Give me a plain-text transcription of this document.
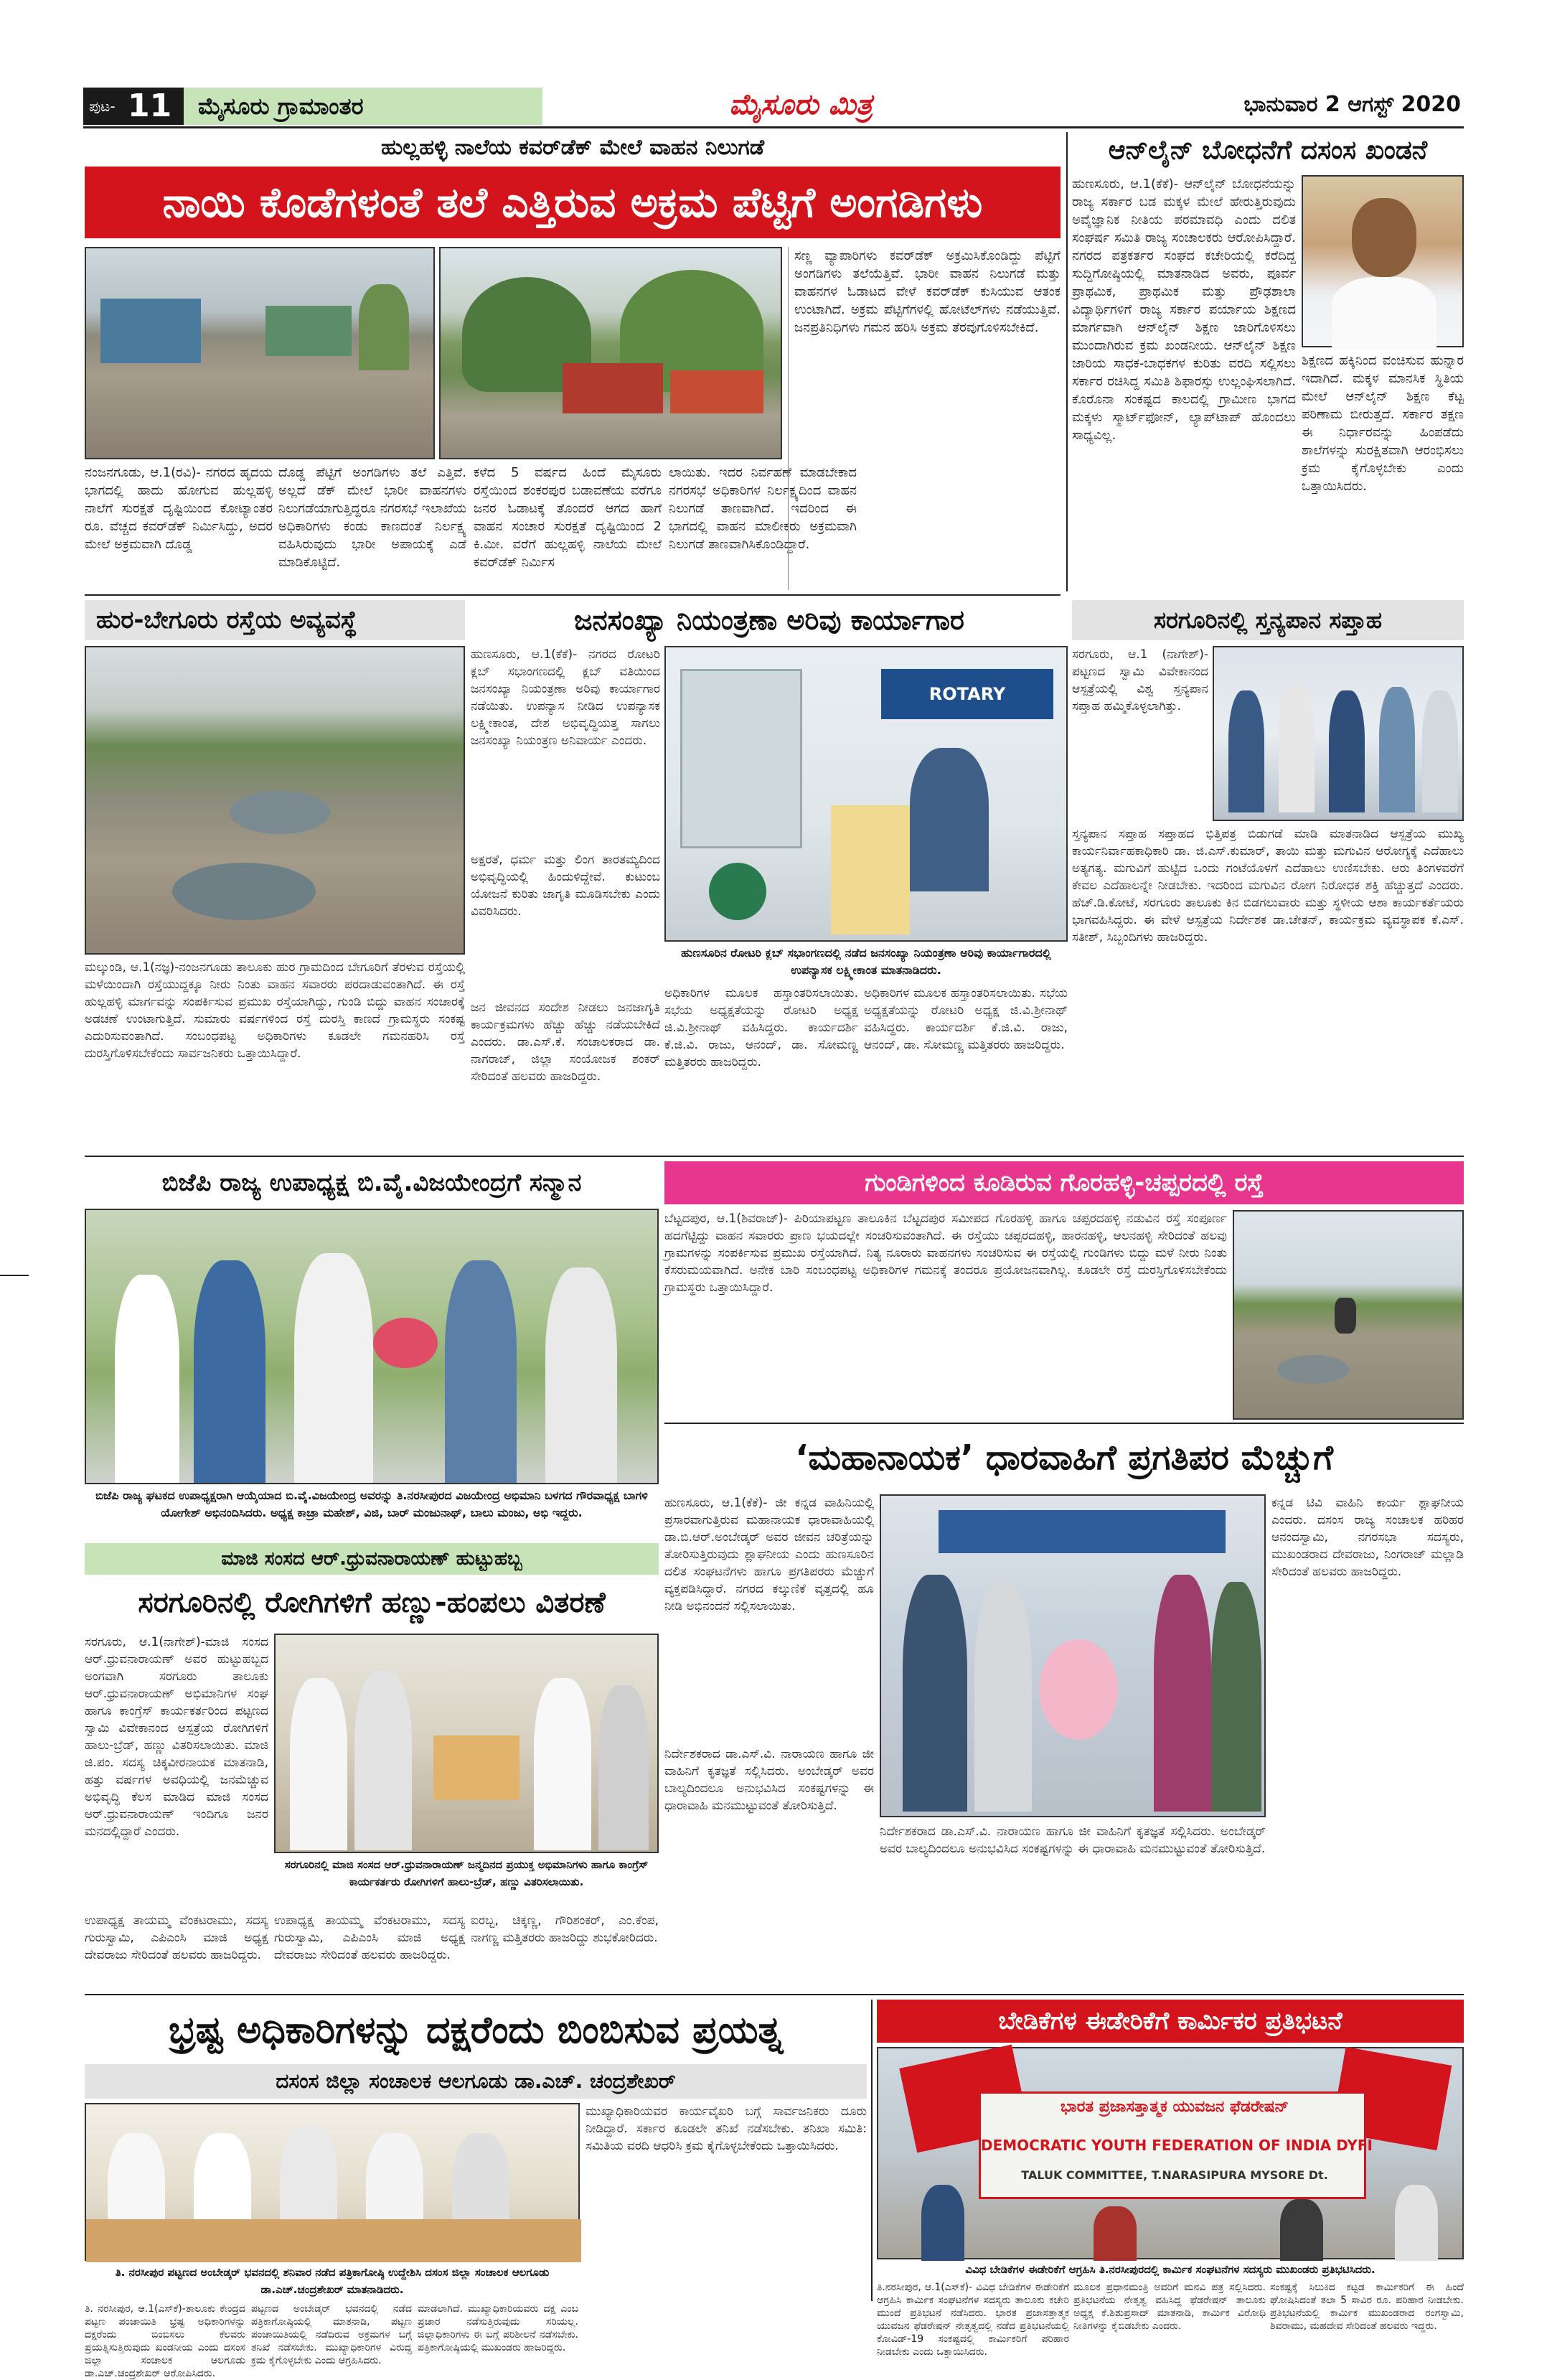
ಪುಟ- 11 ಮೈಸೂರು ಗ್ರಾಮಾಂತರ	ಮೈಸೂರು ಮಿತ್ರ	ಭಾನುವಾರ 2 ಆಗಸ್ಟ್ 2020
ಹುಲ್ಲಹಳ್ಳಿ ನಾಲೆಯ ಕವರ್‌ಡೆಕ್ ಮೇಲೆ ವಾಹನ ನಿಲುಗಡೆ
ನಾಯಿ ಕೊಡೆಗಳಂತೆ ತಲೆ ಎತ್ತಿರುವ ಅಕ್ರಮ ಪೆಟ್ಟಿಗೆ ಅಂಗಡಿಗಳು
ನಂಜನಗೂಡು, ಆ.1(ರವಿ)- ನಗರದ ಹೃದಯ ಭಾಗದಲ್ಲಿ ಹಾದು ಹೋಗುವ ಹುಲ್ಲಹಳ್ಳಿ ನಾಲೆಗೆ ಸುರಕ್ಷತೆ ದೃಷ್ಟಿಯಿಂದ ಕೋಟ್ಯಾಂತರ ರೂ. ವೆಚ್ಚದ ಕವರ್‌ಡೆಕ್ ನಿರ್ಮಿಸಿದ್ದು, ಅದರ ಮೇಲೆ ಅಕ್ರಮವಾಗಿ ದೊಡ್ಡ
ದೊಡ್ಡ ಪೆಟ್ಟಿಗೆ ಅಂಗಡಿಗಳು ತಲೆ ಎತ್ತಿವೆ. ಅಲ್ಲದೆ ಡೆಕ್ ಮೇಲೆ ಭಾರೀ ವಾಹನಗಳು ನಿಲುಗಡೆಯಾಗುತ್ತಿದ್ದರೂ ನಗರಸಭೆ ಇಲಾಖೆಯ ಅಧಿಕಾರಿಗಳು ಕಂಡು ಕಾಣದಂತೆ ನಿರ್ಲಕ್ಷ್ಯ ವಹಿಸಿರುವುದು ಭಾರೀ ಅಪಾಯಕ್ಕೆ ಎಡೆ ಮಾಡಿಕೊಟ್ಟಿದೆ.
ಕಳೆದ 5 ವರ್ಷದ ಹಿಂದೆ ಮೈಸೂರು ರಸ್ತೆಯಿಂದ ಶಂಕರಪುರ ಬಡಾವಣೆಯ ವರೆಗೂ ಜನರ ಓಡಾಟಕ್ಕೆ ತೊಂದರೆ ಆಗದ ಹಾಗೆ ವಾಹನ ಸಂಚಾರ ಸುರಕ್ಷತೆ ದೃಷ್ಟಿಯಿಂದ 2 ಕಿ.ಮೀ. ವರೆಗೆ ಹುಲ್ಲಹಳ್ಳಿ ನಾಲೆಯ ಮೇಲೆ ಕವರ್‌ಡೆಕ್ ನಿರ್ಮಿಸ
ಲಾಯಿತು. ಇದರ ನಿರ್ವಹಣೆ ಮಾಡಬೇಕಾದ ನಗರಸಭೆ ಅಧಿಕಾರಿಗಳ ನಿರ್ಲಕ್ಷ್ಯದಿಂದ ವಾಹನ ನಿಲುಗಡೆ ತಾಣವಾಗಿದೆ. ಇದರಿಂದ ಈ ಭಾಗದಲ್ಲಿ ವಾಹನ ಮಾಲೀಕರು ಅಕ್ರಮವಾಗಿ ನಿಲುಗಡೆ ತಾಣವಾಗಿಸಿಕೊಂಡಿದ್ದಾರೆ.
ಸಣ್ಣ ವ್ಯಾಪಾರಿಗಳು ಕವರ್‌ಡೆಕ್ ಅಕ್ರಮಿಸಿಕೊಂಡಿದ್ದು ಪೆಟ್ಟಿಗೆ ಅಂಗಡಿಗಳು ತಲೆಯೆತ್ತಿವೆ. ಭಾರೀ ವಾಹನ ನಿಲುಗಡೆ ಮತ್ತು ವಾಹನಗಳ ಓಡಾಟದ ವೇಳೆ ಕವರ್‌ಡೆಕ್ ಕುಸಿಯುವ ಆತಂಕ ಉಂಟಾಗಿದೆ. ಅಕ್ರಮ ಪೆಟ್ಟಿಗೆಗಳಲ್ಲಿ ಹೋಟೆಲ್‌ಗಳು ನಡೆಯುತ್ತಿವೆ. ಜನಪ್ರತಿನಿಧಿಗಳು ಗಮನ ಹರಿಸಿ ಅಕ್ರಮ ತೆರವುಗೊಳಿಸಬೇಕಿದೆ.
ಆನ್‌ಲೈನ್ ಬೋಧನೆಗೆ ದಸಂಸ ಖಂಡನೆ
ಹುಣಸೂರು, ಆ.1(ಕೆಕೆ)- ಆನ್‌ಲೈನ್ ಬೋಧನೆಯನ್ನು ರಾಜ್ಯ ಸರ್ಕಾರ ಬಡ ಮಕ್ಕಳ ಮೇಲೆ ಹೇರುತ್ತಿರುವುದು ಅವೈಜ್ಞಾನಿಕ ನೀತಿಯ ಪರಮಾವಧಿ ಎಂದು ದಲಿತ ಸಂಘರ್ಷ ಸಮಿತಿ ರಾಜ್ಯ ಸಂಚಾಲಕರು ಆರೋಪಿಸಿದ್ದಾರೆ. ನಗರದ ಪತ್ರಕರ್ತರ ಸಂಘದ ಕಚೇರಿಯಲ್ಲಿ ಕರೆದಿದ್ದ ಸುದ್ದಿಗೋಷ್ಠಿಯಲ್ಲಿ ಮಾತನಾಡಿದ ಅವರು, ಪೂರ್ವ ಪ್ರಾಥಮಿಕ, ಪ್ರಾಥಮಿಕ ಮತ್ತು ಪ್ರೌಢಶಾಲಾ ವಿದ್ಯಾರ್ಥಿಗಳಿಗೆ ರಾಜ್ಯ ಸರ್ಕಾರ ಪರ್ಯಾಯ ಶಿಕ್ಷಣದ ಮಾರ್ಗವಾಗಿ ಆನ್‌ಲೈನ್ ಶಿಕ್ಷಣ ಜಾರಿಗೊಳಿಸಲು ಮುಂದಾಗಿರುವ ಕ್ರಮ ಖಂಡನೀಯ. ಆನ್‌ಲೈನ್ ಶಿಕ್ಷಣ ಜಾರಿಯ ಸಾಧಕ-ಬಾಧಕಗಳ ಕುರಿತು ವರದಿ ಸಲ್ಲಿಸಲು ಸರ್ಕಾರ ರಚಿಸಿದ್ದ ಸಮಿತಿ ಶಿಫಾರಸ್ಸು ಉಲ್ಲಂಘಿಸಲಾಗಿದೆ. ಕೊರೊನಾ ಸಂಕಷ್ಟದ ಕಾಲದಲ್ಲಿ ಗ್ರಾಮೀಣ ಭಾಗದ ಮಕ್ಕಳು ಸ್ಮಾರ್ಟ್‌ಫೋನ್, ಲ್ಯಾಪ್‌ಟಾಪ್ ಹೊಂದಲು ಸಾಧ್ಯವಿಲ್ಲ.
ಶಿಕ್ಷಣದ ಹಕ್ಕಿನಿಂದ ವಂಚಿಸುವ ಹುನ್ನಾರ ಇದಾಗಿದೆ. ಮಕ್ಕಳ ಮಾನಸಿಕ ಸ್ಥಿತಿಯ ಮೇಲೆ ಆನ್‌ಲೈನ್ ಶಿಕ್ಷಣ ಕೆಟ್ಟ ಪರಿಣಾಮ ಬೀರುತ್ತದೆ. ಸರ್ಕಾರ ತಕ್ಷಣ ಈ ನಿರ್ಧಾರವನ್ನು ಹಿಂಪಡೆದು ಶಾಲೆಗಳನ್ನು ಸುರಕ್ಷಿತವಾಗಿ ಆರಂಭಿಸಲು ಕ್ರಮ ಕೈಗೊಳ್ಳಬೇಕು ಎಂದು ಒತ್ತಾಯಿಸಿದರು.
ಹುರ-ಬೇಗೂರು ರಸ್ತೆಯ ಅವ್ಯವಸ್ಥೆ
ಮಲ್ಕುಂಡಿ, ಆ.1(ನಜ್ಞ)-ನಂಜನಗೂಡು ತಾಲೂಕು ಹುರ ಗ್ರಾಮದಿಂದ ಬೇಗೂರಿಗೆ ತೆರಳುವ ರಸ್ತೆಯಲ್ಲಿ ಮಳೆಯಿಂದಾಗಿ ರಸ್ತೆಯುದ್ದಕ್ಕೂ ನೀರು ನಿಂತು ವಾಹನ ಸವಾರರು ಪರದಾಡುವಂತಾಗಿದೆ. ಈ ರಸ್ತೆ ಹುಲ್ಲಹಳ್ಳಿ ಮಾರ್ಗವನ್ನು ಸಂಪರ್ಕಿಸುವ ಪ್ರಮುಖ ರಸ್ತೆಯಾಗಿದ್ದು, ಗುಂಡಿ ಬಿದ್ದು ವಾಹನ ಸಂಚಾರಕ್ಕೆ ಅಡಚಣೆ ಉಂಟಾಗುತ್ತಿದೆ. ಸುಮಾರು ವರ್ಷಗಳಿಂದ ರಸ್ತೆ ದುರಸ್ತಿ ಕಾಣದೆ ಗ್ರಾಮಸ್ಥರು ಸಂಕಷ್ಟ ಎದುರಿಸುವಂತಾಗಿದೆ. ಸಂಬಂಧಪಟ್ಟ ಅಧಿಕಾರಿಗಳು ಕೂಡಲೇ ಗಮನಹರಿಸಿ ರಸ್ತೆ ದುರಸ್ತಿಗೊಳಿಸಬೇಕೆಂದು ಸಾರ್ವಜನಿಕರು ಒತ್ತಾಯಿಸಿದ್ದಾರೆ.
ಜನಸಂಖ್ಯಾ ನಿಯಂತ್ರಣಾ ಅರಿವು ಕಾರ್ಯಾಗಾರ
ಹುಣಸೂರು, ಆ.1(ಕೆಕೆ)- ನಗರದ ರೋಟರಿ ಕ್ಲಬ್ ಸಭಾಂಗಣದಲ್ಲಿ ಕ್ಲಬ್ ವತಿಯಿಂದ ಜನಸಂಖ್ಯಾ ನಿಯಂತ್ರಣಾ ಅರಿವು ಕಾರ್ಯಾಗಾರ ನಡೆಯಿತು. ಉಪನ್ಯಾಸ ನೀಡಿದ ಉಪನ್ಯಾಸಕ ಲಕ್ಷ್ಮೀಕಾಂತ, ದೇಶ ಅಭಿವೃದ್ಧಿಯತ್ತ ಸಾಗಲು ಜನಸಂಖ್ಯಾ ನಿಯಂತ್ರಣ ಅನಿವಾರ್ಯ ಎಂದರು.
ROTARY
ಅಕ್ಷರತೆ, ಧರ್ಮ ಮತ್ತು ಲಿಂಗ ತಾರತಮ್ಯದಿಂದ ಅಭಿವೃದ್ಧಿಯಲ್ಲಿ ಹಿಂದುಳಿದ್ದೇವೆ. ಕುಟುಂಬ ಯೋಜನೆ ಕುರಿತು ಜಾಗೃತಿ ಮೂಡಿಸಬೇಕು ಎಂದು ವಿವರಿಸಿದರು.
ಹುಣಸೂರಿನ ರೋಟರಿ ಕ್ಲಬ್ ಸಭಾಂಗಣದಲ್ಲಿ ನಡೆದ ಜನಸಂಖ್ಯಾ ನಿಯಂತ್ರಣಾ ಅರಿವು ಕಾರ್ಯಾಗಾರದಲ್ಲಿ ಉಪನ್ಯಾಸಕ ಲಕ್ಷ್ಮೀಕಾಂತ ಮಾತನಾಡಿದರು.
ಜನ ಜೀವನದ ಸಂದೇಶ ನೀಡಲು ಜನಜಾಗೃತಿ ಕಾರ್ಯಕ್ರಮಗಳು ಹೆಚ್ಚು ಹೆಚ್ಚು ನಡೆಯಬೇಕಿದೆ ಎಂದರು. ಡಾ.ಎಸ್.ಕೆ. ಸಂಚಾಲಕರಾದ ಡಾ. ನಾಗರಾಜ್, ಜಿಲ್ಲಾ ಸಂಯೋಜಕ ಶಂಕರ್ ಸೇರಿದಂತೆ ಹಲವರು ಹಾಜರಿದ್ದರು.
ಅಧಿಕಾರಿಗಳ ಮೂಲಕ ಹಸ್ತಾಂತರಿಸಲಾಯಿತು. ಸಭೆಯ ಅಧ್ಯಕ್ಷತೆಯನ್ನು ರೋಟರಿ ಅಧ್ಯಕ್ಷ ಜಿ.ವಿ.ಶ್ರೀನಾಥ್ ವಹಿಸಿದ್ದರು. ಕಾರ್ಯದರ್ಶಿ ಕೆ.ಜಿ.ವಿ. ರಾಜು, ಆನಂದ್, ಡಾ. ಸೋಮಣ್ಣ ಮತ್ತಿತರರು ಹಾಜರಿದ್ದರು.
ಅಧಿಕಾರಿಗಳ ಮೂಲಕ ಹಸ್ತಾಂತರಿಸಲಾಯಿತು. ಸಭೆಯ ಅಧ್ಯಕ್ಷತೆಯನ್ನು ರೋಟರಿ ಅಧ್ಯಕ್ಷ ಜಿ.ವಿ.ಶ್ರೀನಾಥ್ ವಹಿಸಿದ್ದರು. ಕಾರ್ಯದರ್ಶಿ ಕೆ.ಜಿ.ವಿ. ರಾಜು, ಆನಂದ್, ಡಾ. ಸೋಮಣ್ಣ ಮತ್ತಿತರರು ಹಾಜರಿದ್ದರು.
ಸರಗೂರಿನಲ್ಲಿ ಸ್ತನ್ಯಪಾನ ಸಪ್ತಾಹ
ಸರಗೂರು, ಆ.1 (ನಾಗೇಶ್)- ಪಟ್ಟಣದ ಸ್ವಾಮಿ ವಿವೇಕಾನಂದ ಆಸ್ಪತ್ರೆಯಲ್ಲಿ ವಿಶ್ವ ಸ್ತನ್ಯಪಾನ ಸಪ್ತಾಹ ಹಮ್ಮಿಕೊಳ್ಳಲಾಗಿತ್ತು.
ಸ್ತನ್ಯಪಾನ ಸಪ್ತಾಹ ಸಪ್ತಾಹದ ಭಿತ್ತಿಪತ್ರ ಬಿಡುಗಡೆ ಮಾಡಿ ಮಾತನಾಡಿದ ಆಸ್ಪತ್ರೆಯ ಮುಖ್ಯ ಕಾರ್ಯನಿರ್ವಾಹಕಾಧಿಕಾರಿ ಡಾ. ಜಿ.ಎಸ್.ಕುಮಾರ್, ತಾಯಿ ಮತ್ತು ಮಗುವಿನ ಆರೋಗ್ಯಕ್ಕೆ ಎದೆಹಾಲು ಅತ್ಯಗತ್ಯ. ಮಗುವಿಗೆ ಹುಟ್ಟಿದ ಒಂದು ಗಂಟೆಯೊಳಗೆ ಎದೆಹಾಲು ಉಣಿಸಬೇಕು. ಆರು ತಿಂಗಳವರೆಗೆ ಕೇವಲ ಎದೆಹಾಲನ್ನೇ ನೀಡಬೇಕು. ಇದರಿಂದ ಮಗುವಿನ ರೋಗ ನಿರೋಧಕ ಶಕ್ತಿ ಹೆಚ್ಚುತ್ತದೆ ಎಂದರು. ಹೆಚ್.ಡಿ.ಕೋಟೆ, ಸರಗೂರು ತಾಲೂಕು ಕಿನ ಬಿಡಗಲುವಾರು ಮತ್ತು ಸ್ಥಳೀಯ ಆಶಾ ಕಾರ್ಯಕರ್ತೆಯರು ಭಾಗವಹಿಸಿದ್ದರು. ಈ ವೇಳೆ ಆಸ್ಪತ್ರೆಯ ನಿರ್ದೇಶಕ ಡಾ.ಚೇತನ್, ಕಾರ್ಯಕ್ರಮ ವ್ಯವಸ್ಥಾಪಕ ಕೆ.ಎಸ್. ಸತೀಶ್, ಸಿಬ್ಬಂದಿಗಳು ಹಾಜರಿದ್ದರು.
ಬಿಜೆಪಿ ರಾಜ್ಯ ಉಪಾಧ್ಯಕ್ಷ ಬಿ.ವೈ.ವಿಜಯೇಂದ್ರಗೆ ಸನ್ಮಾನ
ಬಿಜೆಪಿ ರಾಜ್ಯ ಘಟಕದ ಉಪಾಧ್ಯಕ್ಷರಾಗಿ ಆಯ್ಕೆಯಾದ ಬಿ.ವೈ.ವಿಜಯೇಂದ್ರ ಅವರನ್ನು ತಿ.ನರಸೀಪುರದ ವಿಜಯೇಂದ್ರ ಅಭಿಮಾನಿ ಬಳಗದ ಗೌರವಾಧ್ಯಕ್ಷ ಬಾಗಳಿ ಯೋಗೇಶ್ ಅಭಿನಂದಿಸಿದರು. ಅಧ್ಯಕ್ಷ ಕಾಚ್ರಾ ಮಹೇಶ್, ವಿಜಿ, ಬಾರ್ ಮಂಜುನಾಥ್, ಬಾಲು ಮಂಜು, ಅಭಿ ಇದ್ದರು.
ಗುಂಡಿಗಳಿಂದ ಕೂಡಿರುವ ಗೊರಹಳ್ಳಿ-ಚಪ್ಪರದಲ್ಲಿ ರಸ್ತೆ
ಬೆಟ್ಟದಪುರ, ಆ.1(ಶಿವರಾಜ್)- ಪಿರಿಯಾಪಟ್ಟಣ ತಾಲೂಕಿನ ಬೆಟ್ಟದಪುರ ಸಮೀಪದ ಗೊರಹಳ್ಳಿ ಹಾಗೂ ಚಪ್ಪರದಹಳ್ಳಿ ನಡುವಿನ ರಸ್ತೆ ಸಂಪೂರ್ಣ ಹದಗೆಟ್ಟಿದ್ದು ವಾಹನ ಸವಾರರು ಪ್ರಾಣ ಭಯದಲ್ಲೇ ಸಂಚರಿಸುವಂತಾಗಿದೆ. ಈ ರಸ್ತೆಯು ಚಪ್ಪರದಹಳ್ಳಿ, ಹಾರನಹಳ್ಳಿ, ಆಲನಹಳ್ಳಿ ಸೇರಿದಂತೆ ಹಲವು ಗ್ರಾಮಗಳನ್ನು ಸಂಪರ್ಕಿಸುವ ಪ್ರಮುಖ ರಸ್ತೆಯಾಗಿದೆ. ನಿತ್ಯ ನೂರಾರು ವಾಹನಗಳು ಸಂಚರಿಸುವ ಈ ರಸ್ತೆಯಲ್ಲಿ ಗುಂಡಿಗಳು ಬಿದ್ದು ಮಳೆ ನೀರು ನಿಂತು ಕೆಸರುಮಯವಾಗಿದೆ. ಅನೇಕ ಬಾರಿ ಸಂಬಂಧಪಟ್ಟ ಅಧಿಕಾರಿಗಳ ಗಮನಕ್ಕೆ ತಂದರೂ ಪ್ರಯೋಜನವಾಗಿಲ್ಲ. ಕೂಡಲೇ ರಸ್ತೆ ದುರಸ್ತಿಗೊಳಿಸಬೇಕೆಂದು ಗ್ರಾಮಸ್ಥರು ಒತ್ತಾಯಿಸಿದ್ದಾರೆ.
‘ಮಹಾನಾಯಕ’ ಧಾರವಾಹಿಗೆ ಪ್ರಗತಿಪರ ಮೆಚ್ಚುಗೆ
ಹುಣಸೂರು, ಆ.1(ಕೆಕೆ)- ಜೀ ಕನ್ನಡ ವಾಹಿನಿಯಲ್ಲಿ ಪ್ರಸಾರವಾಗುತ್ತಿರುವ ಮಹಾನಾಯಕ ಧಾರಾವಾಹಿಯಲ್ಲಿ ಡಾ.ಬಿ.ಆರ್.ಅಂಬೇಡ್ಕರ್ ಅವರ ಜೀವನ ಚರಿತ್ರೆಯನ್ನು ತೋರಿಸುತ್ತಿರುವುದು ಶ್ಲಾಘನೀಯ ಎಂದು ಹುಣಸೂರಿನ ದಲಿತ ಸಂಘಟನೆಗಳು ಹಾಗೂ ಪ್ರಗತಿಪರರು ಮೆಚ್ಚುಗೆ ವ್ಯಕ್ತಪಡಿಸಿದ್ದಾರೆ. ನಗರದ ಕಲ್ಕುಣಿಕೆ ವೃತ್ತದಲ್ಲಿ ಹೂ ನೀಡಿ ಅಭಿನಂದನೆ ಸಲ್ಲಿಸಲಾಯಿತು.
ನಿರ್ದೇಶಕರಾದ ಡಾ.ಎಸ್.ವಿ. ನಾರಾಯಣ ಹಾಗೂ ಜೀ ವಾಹಿನಿಗೆ ಕೃತಜ್ಞತೆ ಸಲ್ಲಿಸಿದರು. ಅಂಬೇಡ್ಕರ್ ಅವರ ಬಾಲ್ಯದಿಂದಲೂ ಅನುಭವಿಸಿದ ಸಂಕಷ್ಟಗಳನ್ನು ಈ ಧಾರಾವಾಹಿ ಮನಮುಟ್ಟುವಂತೆ ತೋರಿಸುತ್ತಿದೆ.
ಕನ್ನಡ ಟಿವಿ ವಾಹಿನಿ ಕಾರ್ಯ ಶ್ಲಾಘನೀಯ ಎಂದರು. ದಸಂಸ ರಾಜ್ಯ ಸಂಚಾಲಕ ಹರಿಹರ ಆನಂದಸ್ವಾಮಿ, ನಗರಸಭಾ ಸದಸ್ಯರು, ಮುಖಂಡರಾದ ದೇವರಾಜು, ನಿಂಗರಾಜ್ ಮಲ್ಲಾಡಿ ಸೇರಿದಂತೆ ಹಲವರು ಹಾಜರಿದ್ದರು.
ನಿರ್ದೇಶಕರಾದ ಡಾ.ಎಸ್.ವಿ. ನಾರಾಯಣ ಹಾಗೂ ಜೀ ವಾಹಿನಿಗೆ ಕೃತಜ್ಞತೆ ಸಲ್ಲಿಸಿದರು. ಅಂಬೇಡ್ಕರ್ ಅವರ ಬಾಲ್ಯದಿಂದಲೂ ಅನುಭವಿಸಿದ ಸಂಕಷ್ಟಗಳನ್ನು ಈ ಧಾರಾವಾಹಿ ಮನಮುಟ್ಟುವಂತೆ ತೋರಿಸುತ್ತಿದೆ.
ಮಾಜಿ ಸಂಸದ ಆರ್.ಧ್ರುವನಾರಾಯಣ್ ಹುಟ್ಟುಹಬ್ಬ
ಸರಗೂರಿನಲ್ಲಿ ರೋಗಿಗಳಿಗೆ ಹಣ್ಣು-ಹಂಪಲು ವಿತರಣೆ
ಸರಗೂರು, ಆ.1(ನಾಗೇಶ್)-ಮಾಜಿ ಸಂಸದ ಆರ್.ಧ್ರುವನಾರಾಯಣ್ ಅವರ ಹುಟ್ಟುಹಬ್ಬದ ಅಂಗವಾಗಿ ಸರಗೂರು ತಾಲೂಕು ಆರ್.ಧ್ರುವನಾರಾಯಣ್ ಅಭಿಮಾನಿಗಳ ಸಂಘ ಹಾಗೂ ಕಾಂಗ್ರೆಸ್ ಕಾರ್ಯಕರ್ತರಿಂದ ಪಟ್ಟಣದ ಸ್ವಾಮಿ ವಿವೇಕಾನಂದ ಆಸ್ಪತ್ರೆಯ ರೋಗಿಗಳಿಗೆ ಹಾಲು-ಬ್ರೆಡ್, ಹಣ್ಣು ವಿತರಿಸಲಾಯಿತು. ಮಾಜಿ ಜಿ.ಪಂ. ಸದಸ್ಯ ಚಿಕ್ಕವೀರನಾಯಕ ಮಾತನಾಡಿ, ಹತ್ತು ವರ್ಷಗಳ ಅವಧಿಯಲ್ಲಿ ಜನಮೆಚ್ಚುವ ಅಭಿವೃದ್ಧಿ ಕೆಲಸ ಮಾಡಿದ ಮಾಜಿ ಸಂಸದ ಆರ್.ಧ್ರುವನಾರಾಯಣ್ ಇಂದಿಗೂ ಜನರ ಮನದಲ್ಲಿದ್ದಾರೆ ಎಂದರು.
ಸರಗೂರಿನಲ್ಲಿ ಮಾಜಿ ಸಂಸದ ಆರ್.ಧ್ರುವನಾರಾಯಣ್ ಜನ್ಮದಿನದ ಪ್ರಯುಕ್ತ ಅಭಿಮಾನಿಗಳು ಹಾಗೂ ಕಾಂಗ್ರೆಸ್ ಕಾರ್ಯಕರ್ತರು ರೋಗಿಗಳಿಗೆ ಹಾಲು-ಬ್ರೆಡ್, ಹಣ್ಣು ವಿತರಿಸಲಾಯಿತು.
ಉಪಾಧ್ಯಕ್ಷ ತಾಯಮ್ಮ ವೆಂಕಟರಾಮು, ಸದಸ್ಯ ಗುರುಸ್ವಾಮಿ, ಎಪಿಎಂಸಿ ಮಾಜಿ ಅಧ್ಯಕ್ಷ ದೇವರಾಜು ಸೇರಿದಂತೆ ಹಲವರು ಹಾಜರಿದ್ದರು.
ಐರಬ್ಬ, ಚಿಕ್ಕಣ್ಣ, ಗೌರಿಶಂಕರ್, ಎಂ.ಕೆಂಪ, ನಾಗಣ್ಣ ಮತ್ತಿತರರು ಹಾಜರಿದ್ದು ಶುಭಕೋರಿದರು.
ಉಪಾಧ್ಯಕ್ಷ ತಾಯಮ್ಮ ವೆಂಕಟರಾಮು, ಸದಸ್ಯ ಗುರುಸ್ವಾಮಿ, ಎಪಿಎಂಸಿ ಮಾಜಿ ಅಧ್ಯಕ್ಷ ದೇವರಾಜು ಸೇರಿದಂತೆ ಹಲವರು ಹಾಜರಿದ್ದರು.
ಭ್ರಷ್ಟ ಅಧಿಕಾರಿಗಳನ್ನು ದಕ್ಷರೆಂದು ಬಿಂಬಿಸುವ ಪ್ರಯತ್ನ
ದಸಂಸ ಜಿಲ್ಲಾ ಸಂಚಾಲಕ ಆಲಗೂಡು ಡಾ.ಎಚ್. ಚಂದ್ರಶೇಖರ್
ತಿ. ನರಸೀಪುರ ಪಟ್ಟಣದ ಅಂಬೇಡ್ಕರ್ ಭವನದಲ್ಲಿ ಶನಿವಾರ ನಡೆದ ಪತ್ರಿಕಾಗೋಷ್ಠಿ ಉದ್ದೇಶಿಸಿ ದಸಂಸ ಜಿಲ್ಲಾ ಸಂಚಾಲಕ ಆಲಗೂಡು ಡಾ.ಎಚ್.ಚಂದ್ರಶೇಖರ್ ಮಾತನಾಡಿದರು.
ಮುಖ್ಯಾಧಿಕಾರಿಯವರ ಕಾರ್ಯವೈಖರಿ ಬಗ್ಗೆ ಸಾರ್ವಜನಿಕರು ದೂರು ನೀಡಿದ್ದಾರೆ. ಸರ್ಕಾರ ಕೂಡಲೇ ತನಿಖೆ ನಡೆಸಬೇಕು. ತನಿಖಾ ಸಮಿತಿ: ಸಮಿತಿಯ ವರದಿ ಆಧರಿಸಿ ಕ್ರಮ ಕೈಗೊಳ್ಳಬೇಕೆಂದು ಒತ್ತಾಯಿಸಿದರು.
ತಿ. ನರಸೀಪುರ, ಆ.1(ಎಸ್‌ಕೆ)-ತಾಲೂಕು ಕೇಂದ್ರದ ಪಟ್ಟಣ ಪಂಚಾಯಿತಿ ಭ್ರಷ್ಟ ಅಧಿಕಾರಿಗಳನ್ನು ದಕ್ಷರೆಂದು ಬಿಂಬಿಸಲು ಕೆಲವರು ಪ್ರಯತ್ನಿಸುತ್ತಿರುವುದು ಖಂಡನೀಯ ಎಂದು ದಸಂಸ ಜಿಲ್ಲಾ ಸಂಚಾಲಕ ಆಲಗೂಡು ಡಾ.ಎಚ್.ಚಂದ್ರಶೇಖರ್ ಆರೋಪಿಸಿದರು.
ಪಟ್ಟಣದ ಅಂಬೇಡ್ಕರ್ ಭವನದಲ್ಲಿ ನಡೆದ ಪತ್ರಿಕಾಗೋಷ್ಠಿಯಲ್ಲಿ ಮಾತನಾಡಿ, ಪಟ್ಟಣ ಪಂಚಾಯಿತಿಯಲ್ಲಿ ನಡೆದಿರುವ ಅಕ್ರಮಗಳ ಬಗ್ಗೆ ತನಿಖೆ ನಡೆಸಬೇಕು. ಮುಖ್ಯಾಧಿಕಾರಿಗಳ ವಿರುದ್ಧ ಕ್ರಮ ಕೈಗೊಳ್ಳಬೇಕು ಎಂದು ಆಗ್ರಹಿಸಿದರು.
ಮಾಡಲಾಗಿದೆ. ಮುಖ್ಯಾಧಿಕಾರಿಯವರು ದಕ್ಷ ಎಂಬ ಪ್ರಚಾರ ನಡೆಸುತ್ತಿರುವುದು ಸರಿಯಲ್ಲ. ಜಿಲ್ಲಾಧಿಕಾರಿಗಳು ಈ ಬಗ್ಗೆ ಪರಿಶೀಲನೆ ನಡೆಸಬೇಕು. ಪತ್ರಿಕಾಗೋಷ್ಠಿಯಲ್ಲಿ ಮುಖಂಡರು ಹಾಜರಿದ್ದರು.
ಬೇಡಿಕೆಗಳ ಈಡೇರಿಕೆಗೆ ಕಾರ್ಮಿಕರ ಪ್ರತಿಭಟನೆ
ಭಾರತ ಪ್ರಜಾಸತ್ತಾತ್ಮಕ ಯುವಜನ ಫೆಡರೇಷನ್
DEMOCRATIC YOUTH FEDERATION OF INDIA DYFI
TALUK COMMITTEE, T.NARASIPURA MYSORE Dt.
ವಿವಿಧ ಬೇಡಿಕೆಗಳ ಈಡೇರಿಕೆಗೆ ಆಗ್ರಹಿಸಿ ತಿ.ನರಸೀಪುರದಲ್ಲಿ ಕಾರ್ಮಿಕ ಸಂಘಟನೆಗಳ ಸದಸ್ಯರು ಮುಖಂಡರು ಪ್ರತಿಭಟಿಸಿದರು.
ತಿ.ನರಸೀಪುರ, ಆ.1(ಎಸ್‌ಕೆ)- ವಿವಿಧ ಬೇಡಿಕೆಗಳ ಈಡೇರಿಕೆಗೆ ಆಗ್ರಹಿಸಿ ಕಾರ್ಮಿಕ ಸಂಘಟನೆಗಳ ಸದಸ್ಯರು ತಾಲೂಕು ಕಚೇರಿ ಮುಂದೆ ಪ್ರತಿಭಟನೆ ನಡೆಸಿದರು. ಭಾರತ ಪ್ರಜಾಸತ್ತಾತ್ಮಕ ಯುವಜನ ಫೆಡರೇಷನ್ ನೇತೃತ್ವದಲ್ಲಿ ನಡೆದ ಪ್ರತಿಭಟನೆಯಲ್ಲಿ ಕೋವಿಡ್-19 ಸಂಕಷ್ಟದಲ್ಲಿ ಕಾರ್ಮಿಕರಿಗೆ ಪರಿಹಾರ ನೀಡಬೇಕು ಎಂದು ಒತ್ತಾಯಿಸಿದರು.
ಮೂಲಕ ಪ್ರಧಾನಮಂತ್ರಿ ಅವರಿಗೆ ಮನವಿ ಪತ್ರ ಸಲ್ಲಿಸಿದರು. ಪ್ರತಿಭಟನೆಯ ನೇತೃತ್ವ ವಹಿಸಿದ್ದ ಫೆಡರೇಷನ್ ತಾಲೂಕು ಅಧ್ಯಕ್ಷ ಕೆ.ಶಿಶುಪ್ರಸಾದ್ ಮಾತನಾಡಿ, ಕಾರ್ಮಿಕ ವಿರೋಧಿ ನೀತಿಗಳನ್ನು ಕೈಬಿಡಬೇಕು ಎಂದರು.
ಸಂಕಷ್ಟಕ್ಕೆ ಸಿಲುಕಿದ ಕಟ್ಟಡ ಕಾರ್ಮಿಕರಿಗೆ ಈ ಹಿಂದೆ ಘೋಷಿಸಿದಂತೆ ತಲಾ 5 ಸಾವಿರ ರೂ. ಪರಿಹಾರ ನೀಡಬೇಕು. ಪ್ರತಿಭಟನೆಯಲ್ಲಿ ಕಾರ್ಮಿಕ ಮುಖಂಡರಾದ ರಂಗಸ್ವಾಮಿ, ಶಿವರಾಮು, ಮಹದೇವ ಸೇರಿದಂತೆ ಹಲವರು ಇದ್ದರು.
